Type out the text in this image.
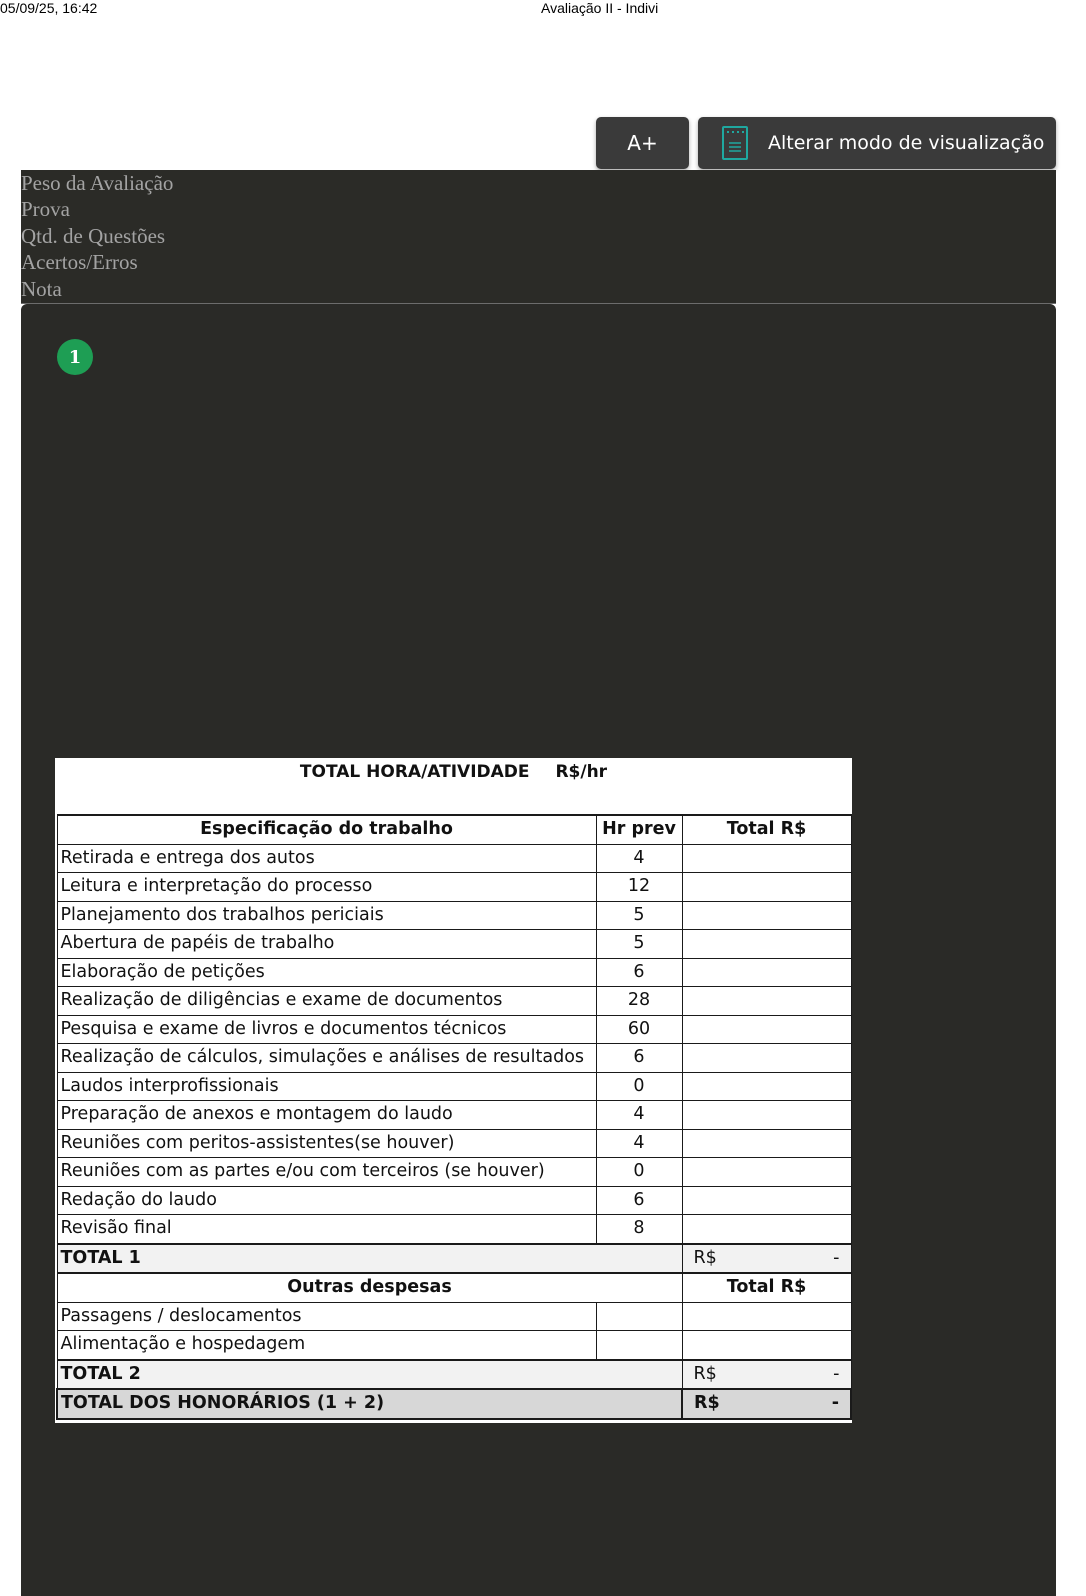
05/09/25, 16:42	Avaliação II - Indivi
A+	Alterar modo de visualização
Peso da Avaliação
Prova
Qtd. de Questões
Acertos/Erros
Nota
1
TOTAL HORA/ATIVIDADE R$/hr
Especificação do trabalho	Hr prev	Total R$
Retirada e entrega dos autos	4	
Leitura e interpretação do processo	12	
Planejamento dos trabalhos periciais	5	
Abertura de papéis de trabalho	5	
Elaboração de petições	6	
Realização de diligências e exame de documentos	28	
Pesquisa e exame de livros e documentos técnicos	60	
Realização de cálculos, simulações e análises de resultados	6	
Laudos interprofissionais	0	
Preparação de anexos e montagem do laudo	4	
Reuniões com peritos-assistentes(se houver)	4	
Reuniões com as partes e/ou com terceiros (se houver)	0	
Redação do laudo	6	
Revisão final	8	
TOTAL 1		R$ -

Outras despesas		Total R$
Passagens / deslocamentos		
Alimentação e hospedagem		
TOTAL 2		R$ -

TOTAL DOS HONORÁRIOS (1 + 2)		R$ -
